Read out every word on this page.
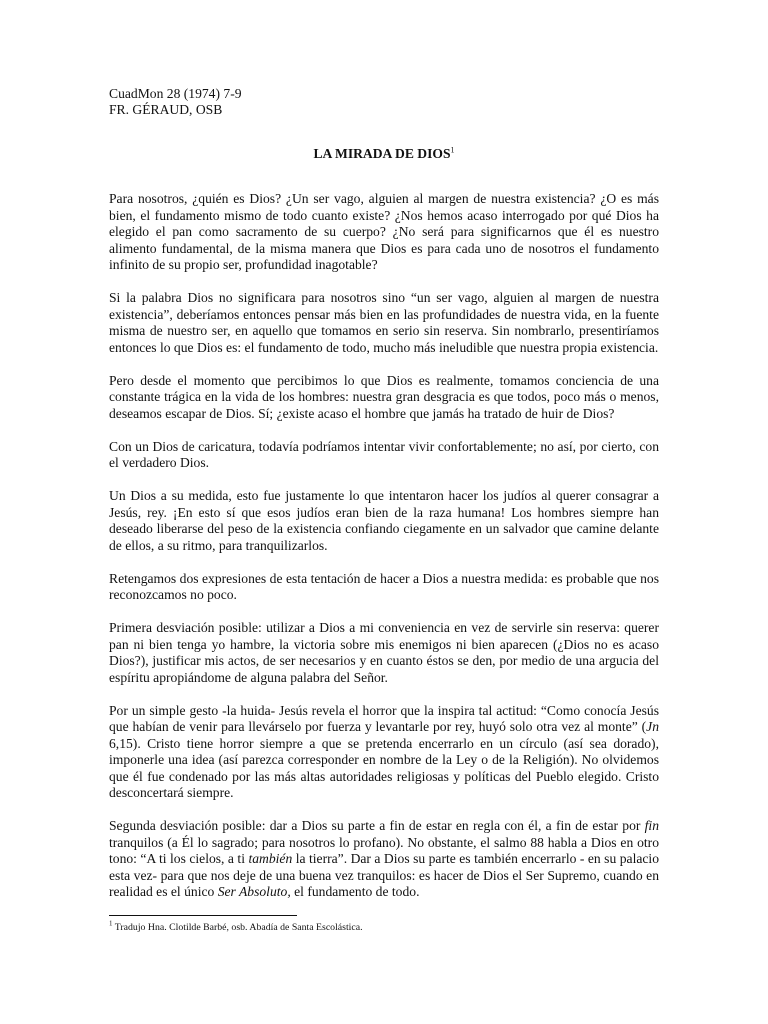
CuadMon 28 (1974) 7-9
FR. GÉRAUD, OSB
LA MIRADA DE DIOS$^1$

Para nosotros, ¿quién es Dios? ¿Un ser vago, alguien al margen de nuestra existencia? ¿O es más bien, el fundamento mismo de todo cuanto existe? ¿Nos hemos acaso interrogado por qué Dios ha elegido el pan como sacramento de su cuerpo? ¿No será para significarnos que él es nuestro alimento fundamental, de la misma manera que Dios es para cada uno de nosotros el fundamento infinito de su propio ser, profundidad inagotable?

Si la palabra Dios no significara para nosotros sino “un ser vago, alguien al margen de nuestra existencia”, deberíamos entonces pensar más bien en las profundidades de nuestra vida, en la fuente misma de nuestro ser, en aquello que tomamos en serio sin reserva. Sin nombrarlo, presentiríamos entonces lo que Dios es: el fundamento de todo, mucho más ineludible que nuestra propia existencia.

Pero desde el momento que percibimos lo que Dios es realmente, tomamos conciencia de una constante trágica en la vida de los hombres: nuestra gran desgracia es que todos, poco más o menos, deseamos escapar de Dios. Sí; ¿existe acaso el hombre que jamás ha tratado de huir de Dios?

Con un Dios de caricatura, todavía podríamos intentar vivir confortablemente; no así, por cierto, con el verdadero Dios.

Un Dios a su medida, esto fue justamente lo que intentaron hacer los judíos al querer consagrar a Jesús, rey. ¡En esto sí que esos judíos eran bien de la raza humana! Los hombres siempre han deseado liberarse del peso de la existencia confiando ciegamente en un salvador que camine delante de ellos, a su ritmo, para tranquilizarlos.

Retengamos dos expresiones de esta tentación de hacer a Dios a nuestra medida: es probable que nos reconozcamos no poco.

Primera desviación posible: utilizar a Dios a mi conveniencia en vez de servirle sin reserva: querer pan ni bien tenga yo hambre, la victoria sobre mis enemigos ni bien aparecen (¿Dios no es acaso Dios?), justificar mis actos, de ser necesarios y en cuanto éstos se den, por medio de una argucia del espíritu apropiándome de alguna palabra del Señor.

Por un simple gesto -la huida- Jesús revela el horror que la inspira tal actitud: “Como conocía Jesús que habían de venir para llevárselo por fuerza y levantarle por rey, huyó solo otra vez al monte” (Jn 6,15). Cristo tiene horror siempre a que se pretenda encerrarlo en un círculo (así sea dorado), imponerle una idea (así parezca corresponder en nombre de la Ley o de la Religión). No olvidemos que él fue condenado por las más altas autoridades religiosas y políticas del Pueblo elegido. Cristo desconcertará siempre.

Segunda desviación posible: dar a Dios su parte a fin de estar en regla con él, a fin de estar por fin tranquilos (a Él lo sagrado; para nosotros lo profano). No obstante, el salmo 88 habla a Dios en otro tono: “A ti los cielos, a ti también la tierra”. Dar a Dios su parte es también encerrarlo - en su palacio esta vez- para que nos deje de una buena vez tranquilos: es hacer de Dios el Ser Supremo, cuando en realidad es el único Ser Absoluto, el fundamento de todo.

$^1$ Tradujo Hna. Clotilde Barbé, osb. Abadía de Santa Escolástica.
